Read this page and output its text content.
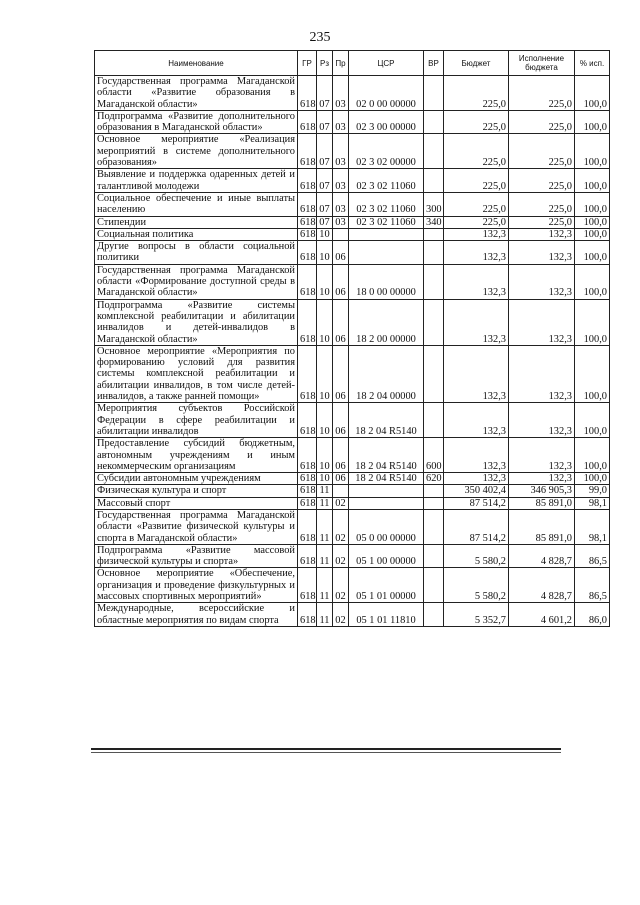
235
Наименование	ГР	Рз	Пр	ЦСР	ВР	Бюджет	Исполнение бюджета	% исп.
Государственная программа Магаданской области «Развитие образования в Магаданской области»	618	07	03	02 0 00 00000		225,0	225,0	100,0
Подпрограмма «Развитие дополнительного образования в Магаданской области»	618	07	03	02 3 00 00000		225,0	225,0	100,0
Основное мероприятие «Реализация мероприятий в системе дополнительного образования»	618	07	03	02 3 02 00000		225,0	225,0	100,0
Выявление и поддержка одаренных детей и талантливой молодежи	618	07	03	02 3 02 11060		225,0	225,0	100,0
Социальное обеспечение и иные выплаты населению	618	07	03	02 3 02 11060	300	225,0	225,0	100,0
Стипендии	618	07	03	02 3 02 11060	340	225,0	225,0	100,0
Социальная политика	618	10				132,3	132,3	100,0
Другие вопросы в области социальной политики	618	10	06			132,3	132,3	100,0
Государственная программа Магаданской области «Формирование доступной среды в Магаданской области»	618	10	06	18 0 00 00000		132,3	132,3	100,0
Подпрограмма «Развитие системы комплексной реабилитации и абилитации инвалидов и детей-инвалидов в Магаданской области»	618	10	06	18 2 00 00000		132,3	132,3	100,0
Основное мероприятие «Мероприятия по формированию условий для развития системы комплексной реабилитации и абилитации инвалидов, в том числе детей-инвалидов, а также ранней помощи»	618	10	06	18 2 04 00000		132,3	132,3	100,0
Мероприятия субъектов Российской Федерации в сфере реабилитации и абилитации инвалидов	618	10	06	18 2 04 R5140		132,3	132,3	100,0
Предоставление субсидий бюджетным, автономным учреждениям и иным некоммерческим организациям	618	10	06	18 2 04 R5140	600	132,3	132,3	100,0
Субсидии автономным учреждениям	618	10	06	18 2 04 R5140	620	132,3	132,3	100,0
Физическая культура и спорт	618	11				350 402,4	346 905,3	99,0
Массовый спорт	618	11	02			87 514,2	85 891,0	98,1
Государственная программа Магаданской области «Развитие физической культуры и спорта в Магаданской области»	618	11	02	05 0 00 00000		87 514,2	85 891,0	98,1
Подпрограмма «Развитие массовой физической культуры и спорта»	618	11	02	05 1 00 00000		5 580,2	4 828,7	86,5
Основное мероприятие «Обеспечение, организация и проведение физкультурных и массовых спортивных мероприятий»	618	11	02	05 1 01 00000		5 580,2	4 828,7	86,5
Международные, всероссийские и областные мероприятия по видам спорта	618	11	02	05 1 01 11810		5 352,7	4 601,2	86,0
